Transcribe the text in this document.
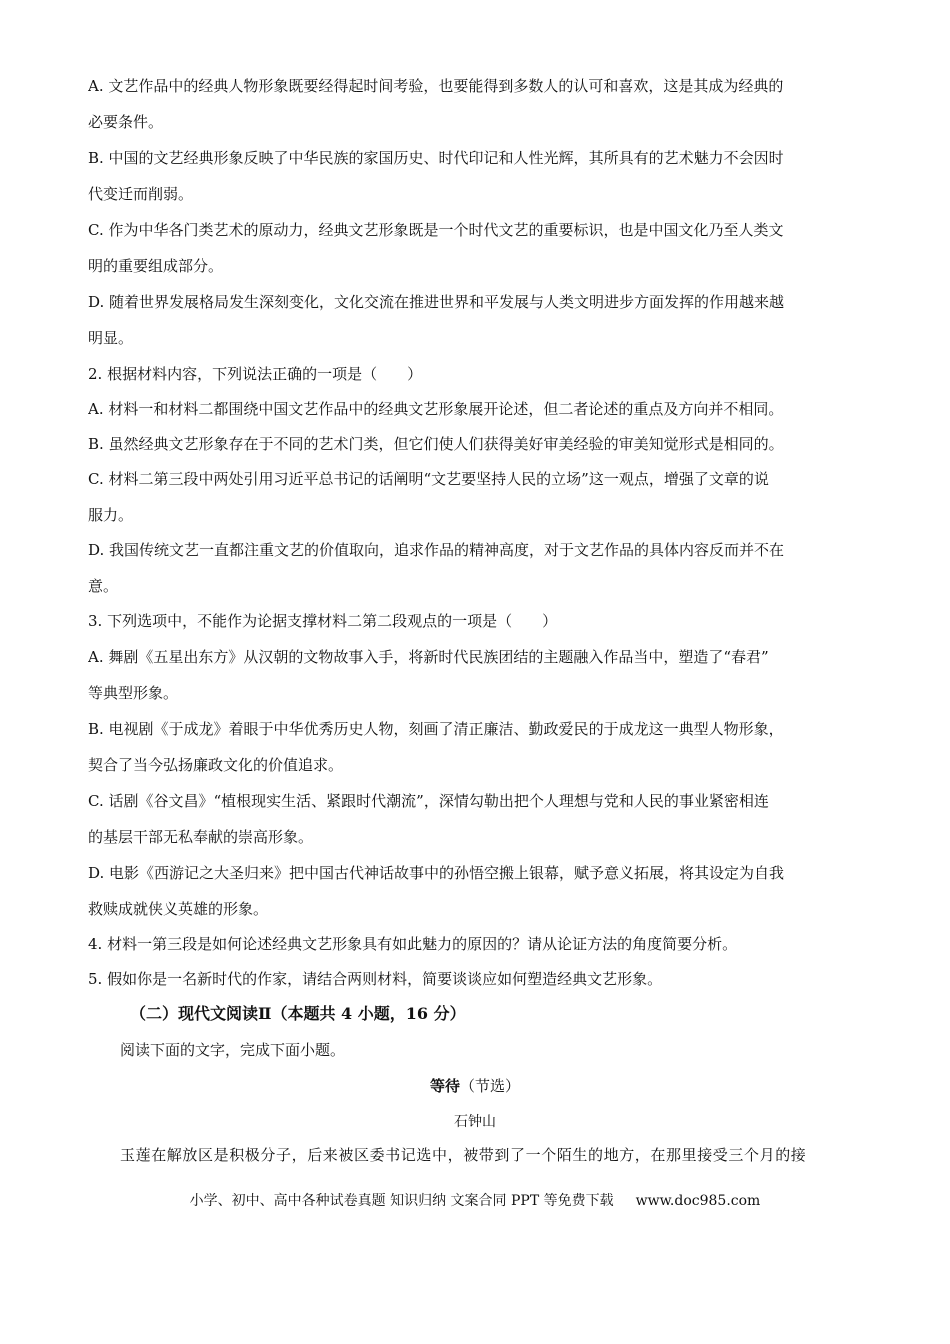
A. 文艺作品中的经典人物形象既要经得起时间考验，也要能得到多数人的认可和喜欢，这是其成为经典的
必要条件。
B. 中国的文艺经典形象反映了中华民族的家国历史、时代印记和人性光辉，其所具有的艺术魅力不会因时
代变迁而削弱。
C. 作为中华各门类艺术的原动力，经典文艺形象既是一个时代文艺的重要标识，也是中国文化乃至人类文
明的重要组成部分。
D. 随着世界发展格局发生深刻变化，文化交流在推进世界和平发展与人类文明进步方面发挥的作用越来越
明显。
2. 根据材料内容，下列说法正确的一项是（　　）
A. 材料一和材料二都围绕中国文艺作品中的经典文艺形象展开论述，但二者论述的重点及方向并不相同。
B. 虽然经典文艺形象存在于不同的艺术门类，但它们使人们获得美好审美经验的审美知觉形式是相同的。
C. 材料二第三段中两处引用习近平总书记的话阐明“文艺要坚持人民的立场”这一观点，增强了文章的说
服力。
D. 我国传统文艺一直都注重文艺的价值取向，追求作品的精神高度，对于文艺作品的具体内容反而并不在
意。
3. 下列选项中，不能作为论据支撑材料二第二段观点的一项是（　　）
A. 舞剧《五星出东方》从汉朝的文物故事入手，将新时代民族团结的主题融入作品当中，塑造了“春君”
等典型形象。
B. 电视剧《于成龙》着眼于中华优秀历史人物，刻画了清正廉洁、勤政爱民的于成龙这一典型人物形象，
契合了当今弘扬廉政文化的价值追求。
C. 话剧《谷文昌》“植根现实生活、紧跟时代潮流”，深情勾勒出把个人理想与党和人民的事业紧密相连
的基层干部无私奉献的崇高形象。
D. 电影《西游记之大圣归来》把中国古代神话故事中的孙悟空搬上银幕，赋予意义拓展，将其设定为自我
救赎成就侠义英雄的形象。
4. 材料一第三段是如何论述经典文艺形象具有如此魅力的原因的？请从论证方法的角度简要分析。
5. 假如你是一名新时代的作家，请结合两则材料，简要谈谈应如何塑造经典文艺形象。
（二）现代文阅读Ⅱ（本题共 4 小题，16 分）
阅读下面的文字，完成下面小题。
等待（节选）
石钟山
玉莲在解放区是积极分子，后来被区委书记选中，被带到了一个陌生的地方，在那里接受三个月的接
小学、初中、高中各种试卷真题 知识归纳 文案合同 PPT 等免费下载 www.doc985.com
